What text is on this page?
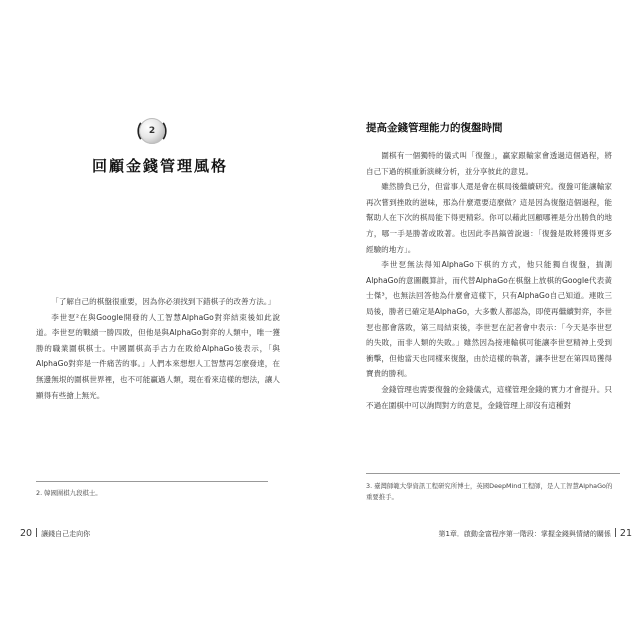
2
回顧金錢管理風格

「了解自己的棋盤很重要，因為你必須找到下錯棋子的改善方法。」

李世乭²在與Google開發的人工智慧AlphaGo對弈結束後如此說道。李世乭的戰績一勝四敗，但他是與AlphaGo對弈的人類中，唯一獲勝的職業圍棋棋士。中國圍棋高手古力在敗給AlphaGo後表示，「與AlphaGo對弈是一件痛苦的事。」人們本來想想人工智慧再怎麼發達，在無邊無垠的圍棋世界裡，也不可能贏過人類，現在看來這樣的想法，讓人顯得有些搶上無光。

2. 韓國圍棋九段棋士。
20 讓錢自己走向你
提高金錢管理能力的復盤時間

圍棋有一個獨特的儀式叫「復盤」，贏家跟輸家會透過這個過程，將自己下過的棋重新演練分析，並分享彼此的意見。

雖然勝負已分，但當事人還是會在棋局後繼續研究。復盤可能讓輸家再次嘗到挫敗的滋味，那為什麼還要這麼做？這是因為復盤這個過程，能幫助人在下次的棋局能下得更精彩。你可以藉此回顧哪裡是分出勝負的地方，哪一手是勝著或敗著。也因此李昌鎬曾說過：「復盤是敗將獲得更多經驗的地方」。

李世乭無法得知AlphaGo下棋的方式，他只能獨自復盤，揣測AlphaGo的意圖觀算計，而代替AlphaGo在棋盤上放棋的Google代表黃士傑³，也無法回答他為什麼會這樣下，只有AlphaGo自己知道。連敗三局後，勝者已確定是AlphaGo，大多數人都認為，即使再繼續對弈，李世乭也都會落敗，第三局結束後，李世乭在記者會中表示：「今天是李世乭的失敗，而非人類的失敗。」雖然因為接連輸棋可能讓李世乭精神上受到衝擊，但他當天也同樣來復盤，由於這樣的執著，讓李世乭在第四局獲得寶貴的勝利。

金錢管理也需要復盤的金錢儀式，這樣管理金錢的實力才會提升。只不過在圍棋中可以詢問對方的意見，金錢管理上卻沒有這種對

3. 臺灣師範大學資訊工程研究所博士，英國DeepMind工程師，是人工智慧AlphaGo的重要推手。
第1章．啟動金富程序第一階段：掌握金錢與情緒的關係 21
